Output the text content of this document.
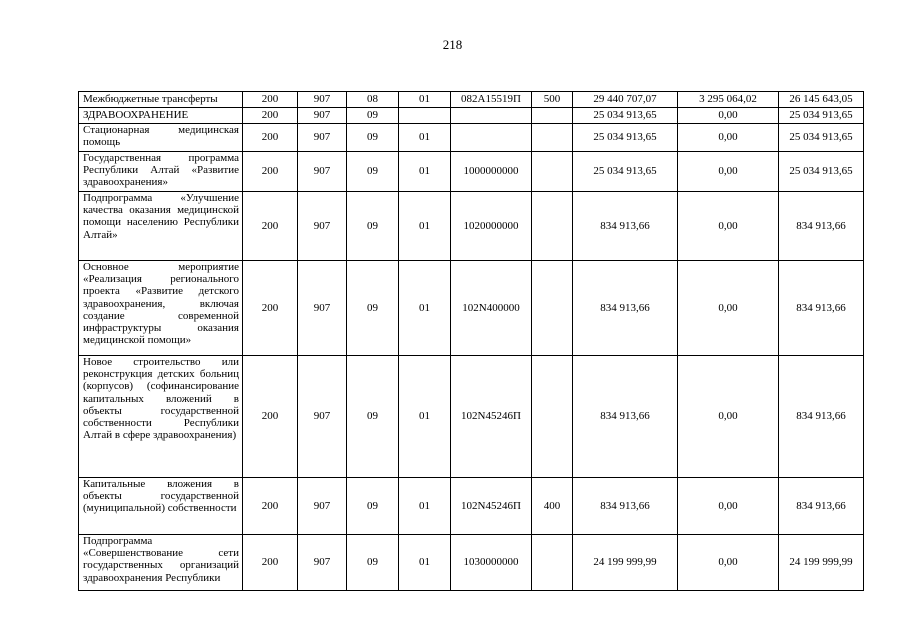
218
Межбюджетные трансферты	200	907	08	01	082A15519П	500	29 440 707,07	3 295 064,02	26 145 643,05
ЗДРАВООХРАНЕНИЕ	200	907	09				25 034 913,65	0,00	25 034 913,65
Стационарная медицинская помощь	200	907	09	01			25 034 913,65	0,00	25 034 913,65
Государственная программа Республики Алтай «Развитие здравоохранения»	200	907	09	01	1000000000		25 034 913,65	0,00	25 034 913,65
Подпрограмма «Улучшение качества оказания медицинской помощи населению Республики Алтай»	200	907	09	01	1020000000		834 913,66	0,00	834 913,66
Основное мероприятие «Реализация регионального проекта «Развитие детского здравоохранения, включая создание современной инфраструктуры оказания медицинской помощи»	200	907	09	01	102N400000		834 913,66	0,00	834 913,66
Новое строительство или реконструкция детских больниц (корпусов) (софинансирование капитальных вложений в объекты государственной собственности Республики Алтай в сфере здравоохранения)	200	907	09	01	102N45246П		834 913,66	0,00	834 913,66
Капитальные вложения в объекты государственной (муниципальной) собственности	200	907	09	01	102N45246П	400	834 913,66	0,00	834 913,66
Подпрограмма «Совершенствование сети государственных организаций здравоохранения Республики	200	907	09	01	1030000000		24 199 999,99	0,00	24 199 999,99
